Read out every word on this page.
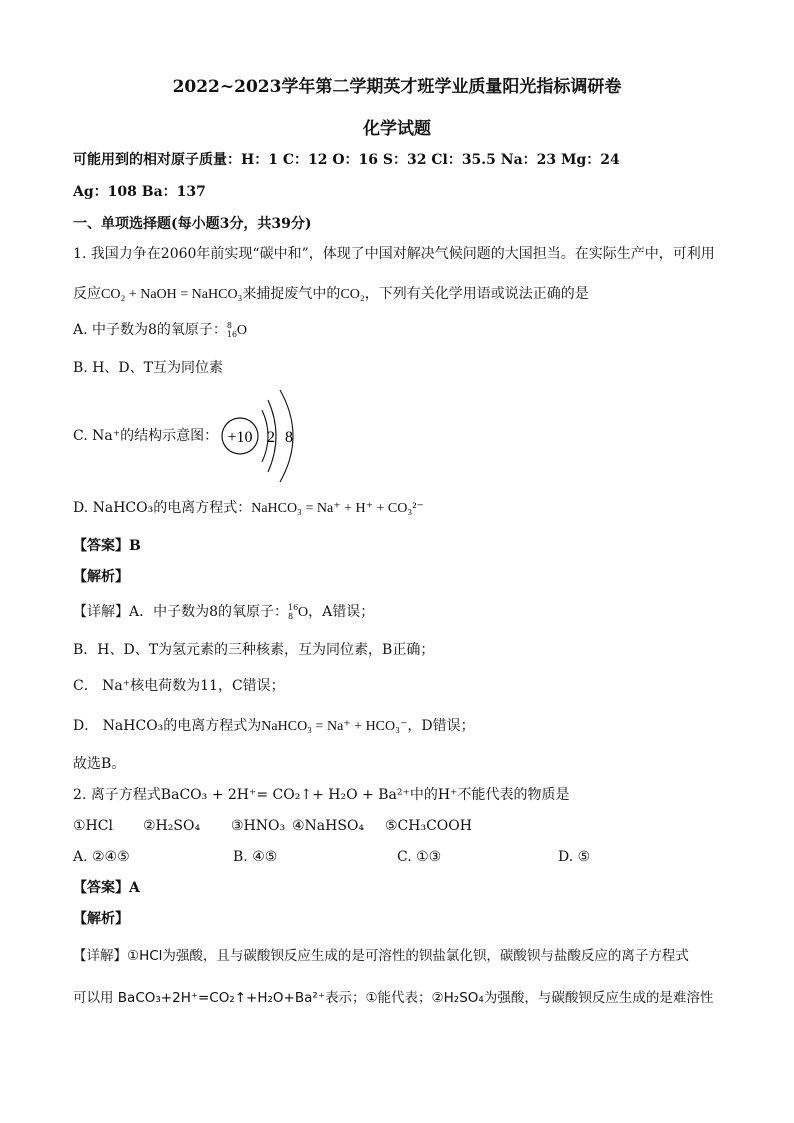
2022~2023学年第二学期英才班学业质量阳光指标调研卷
化学试题
可能用到的相对原子质量：H：1 C：12 O：16 S：32 Cl：35.5 Na：23 Mg：24
Ag：108 Ba：137
一、单项选择题(每小题3分，共39分)
1. 我国力争在2060年前实现“碳中和”，体现了中国对解决气候问题的大国担当。在实际生产中，可利用
反应CO₂ + NaOH = NaHCO₃来捕捉废气中的CO₂，下列有关化学用语或说法正确的是
A. 中子数为8的氧原子： 8
16 O
B. H、D、T互为同位素
C. Na⁺的结构示意图： +10 2 8
D. NaHCO₃的电离方程式：NaHCO₃ = Na⁺ + H⁺ + CO₃²⁻
【答案】B
【解析】
【详解】A．中子数为8的氧原子： 16
8 O，A错误；
B．H、D、T为氢元素的三种核素，互为同位素，B正确；
C． Na⁺核电荷数为11，C错误；
D． NaHCO₃的电离方程式为NaHCO₃ = Na⁺ + HCO₃⁻，D错误；
故选B。
2. 离子方程式BaCO₃ + 2H⁺= CO₂↑+ H₂O + Ba²⁺中的H⁺不能代表的物质是
①HCl ②H₂SO₄ ③HNO₃ ④NaHSO₄ ⑤CH₃COOH
A. ②④⑤	B. ④⑤	C. ①③	D. ⑤
【答案】A
【解析】
【详解】①HCl为强酸，且与碳酸钡反应生成的是可溶性的钡盐氯化钡，碳酸钡与盐酸反应的离子方程式
可以用 BaCO₃+2H⁺=CO₂↑+H₂O+Ba²⁺表示；①能代表；②H₂SO₄为强酸，与碳酸钡反应生成的是难溶性
